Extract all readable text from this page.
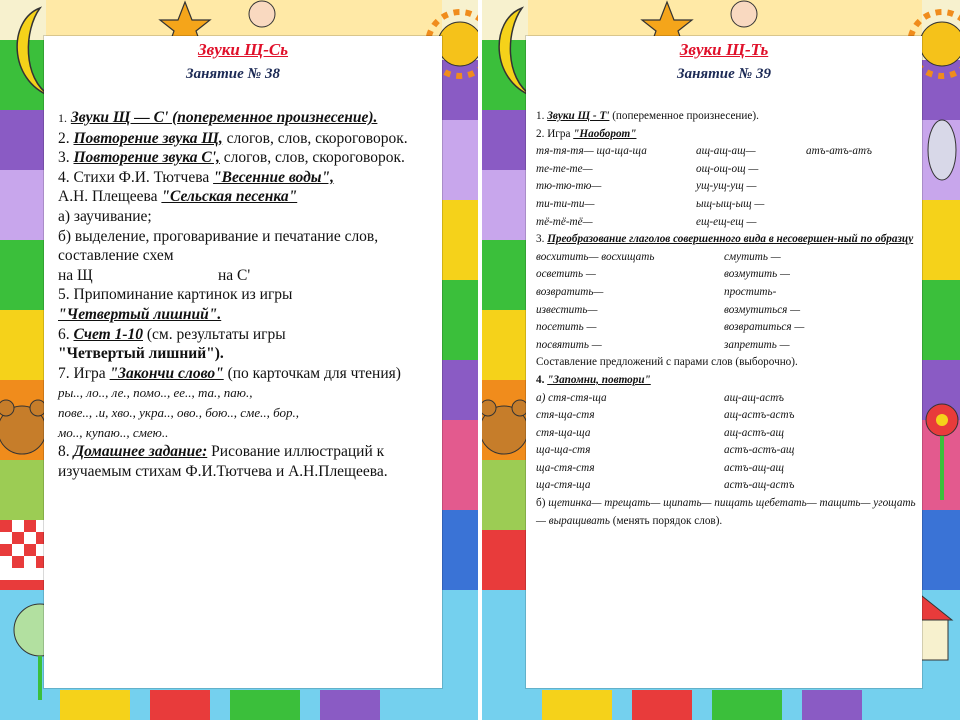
Звуки Щ-Сь
Занятие № 38

1. Звуки Щ — С' (попеременное произнесение).

2. Повторение звука Щ, слогов, слов, скороговорок.

3. Повторение звука С', слогов, слов, скороговорок.

4. Стихи Ф.И. Тютчева "Весенние воды",

А.Н. Плещеева "Сельская песенка"

а) заучивание;

б) выделение, проговаривание и печатание слов, составление схем

на Щ	на С'

5. Припоминание картинок из игры

"Четвертый лишний".

6. Счет 1-10 (см. результаты игры

"Четвертый лишний").

7. Игра "Закончи слово" (по карточкам для чтения)

ры.., ло.., ле., помо.., ее.., та., паю.,

пове.., .и, хво., укра.., ово., бою.., сме.., бор.,

мо.., купаю.., смею..

8. Домашнее задание: Рисование иллюстраций к изучаемым стихам Ф.И.Тютчева и А.Н.Плещеева.

Звуки Щ-Ть
Занятие № 39

1. Звуки Щ - Т' (попеременное произнесение).

2. Игра "Наоборот"

тя-тя-тя— ща-ща-ща	ащ-ащ-ащ—	атъ-атъ-атъ
те-те-те—	ощ-ощ-ощ —
тю-тю-тю—	ущ-ущ-ущ —
ти-ти-ти—	ыщ-ыщ-ыщ —
тё-тё-тё—	ещ-ещ-ещ —

3. Преобразование глаголов совершенного вида в несовершен-ный по образцу

восхитить— восхищать	смутить —
осветить —	возмутить —
возвратить—	простить-
известить—	возмутиться —
посетить —	возвратиться —
посвятить —	запретить —

Составление предложений с парами слов (выборочно).

4. "Запомни, повтори"

а) стя-стя-ща	ащ-ащ-астъ
стя-ща-стя	ащ-астъ-астъ
стя-ща-ща	ащ-астъ-ащ
ща-ща-стя	астъ-астъ-ащ
ща-стя-стя	астъ-ащ-ащ
ща-стя-ща	астъ-ащ-астъ

б) щетинка— трещать— щипать— пищать щебетать— тащить— угощать— выращивать (менять порядок слов).
